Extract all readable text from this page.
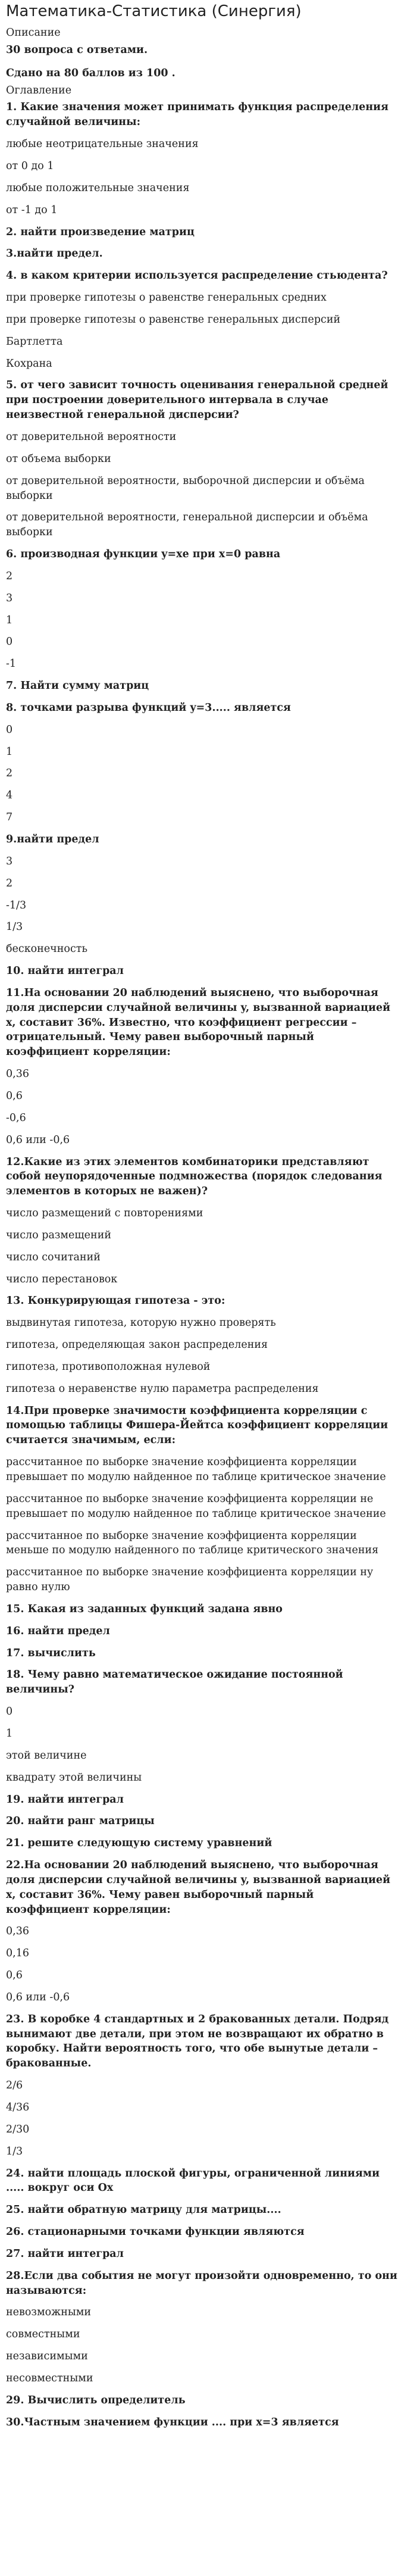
Математика-Статистика (Синергия)
Описание
30 вопроса с ответами.
Сдано на 80 баллов из 100 .
Оглавление
1. Какие значения может принимать функция распределения случайной величины:
любые неотрицательные значения
от 0 до 1
любые положительные значения
от -1 до 1
2. найти произведение матриц
3.найти предел.
4. в каком критерии используется распределение стьюдента?
при проверке гипотезы о равенстве генеральных средних
при проверке гипотезы о равенстве генеральных дисперсий
Бартлетта
Кохрана
5. от чего зависит точность оценивания генеральной средней при построении доверительного интервала в случае неизвестной генеральной дисперсии?
от доверительной вероятности
от объема выборки
от доверительной вероятности, выборочной дисперсии и объёма выборки
от доверительной вероятности, генеральной дисперсии и объёма выборки
6. производная функции y=xe при x=0 равна
2
3
1
0
-1
7. Найти сумму матриц
8. точками разрыва функций y=3..... является
0
1
2
4
7
9.найти предел
3
2
-1/3
1/3
бесконечность
10. найти интеграл
11.На основании 20 наблюдений выяснено, что выборочная доля дисперсии случайной величины y, вызванной вариацией x, составит 36%. Известно, что коэффициент регрессии – отрицательный. Чему равен выборочный парный коэффициент корреляции:
0,36
0,6
-0,6
0,6 или -0,6
12.Какие из этих элементов комбинаторики представляют собой неупорядоченные подмножества (порядок следования элементов в которых не важен)?
число размещений с повторениями
число размещений
число сочитаний
число перестановок
13. Конкурирующая гипотеза - это:
выдвинутая гипотеза, которую нужно проверять
гипотеза, определяющая закон распределения
гипотеза, противоположная нулевой
гипотеза о неравенстве нулю параметра распределения
14.При проверке значимости коэффициента корреляции с помощью таблицы Фишера-Йейтса коэффициент корреляции считается значимым, если:
рассчитанное по выборке значение коэффициента корреляции превышает по модулю найденное по таблице критическое значение
рассчитанное по выборке значение коэффициента корреляции не превышает по модулю найденное по таблице критическое значение
рассчитанное по выборке значение коэффициента корреляции меньше по модулю найденного по таблице критического значения
рассчитанное по выборке значение коэффициента корреляции ну равно нулю
15. Какая из заданных функций задана явно
16. найти предел
17. вычислить
18. Чему равно математическое ожидание постоянной величины?
0
1
этой величине
квадрату этой величины
19. найти интеграл
20. найти ранг матрицы
21. решите следующую систему уравнений
22.На основании 20 наблюдений выяснено, что выборочная доля дисперсии случайной величины y, вызванной вариацией x, составит 36%. Чему равен выборочный парный коэффициент корреляции:
0,36
0,16
0,6
0,6 или -0,6
23. В коробке 4 стандартных и 2 бракованных детали. Подряд вынимают две детали, при этом не возвращают их обратно в коробку. Найти вероятность того, что обе вынутые детали – бракованные.
2/6
4/36
2/30
1/3
24. найти площадь плоской фигуры, ограниченной линиями ..... вокруг оси Ox
25. найти обратную матрицу для матрицы....
26. стационарными точками функции являются
27. найти интеграл
28.Если два события не могут произойти одновременно, то они называются:
невозможными
совместными
независимыми
несовместными
29. Вычислить определитель
30.Частным значением функции .... при x=3 является
